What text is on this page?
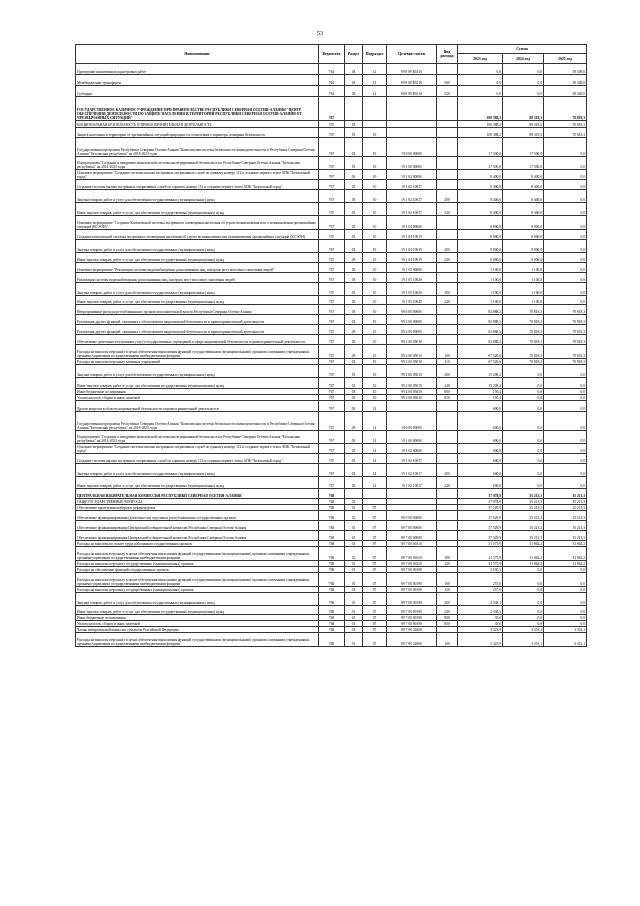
53
Наименование	Ведомство	Раздел	Подраздел	Целевая статья	Вид расхода	Сумма		
						2023 год	2024 год	2025 год
Проведение комплексных кадастровых работ	764	04	12	99 8 09 R5110		0,0	0,0	39 349,0
Межбюджетные трансферты	764	04	12	99 8 09 R5110	500	0,0	0,0	39 349,0
Субсидии	764	04	12	99 8 09 R5110	520	0,0	0,0	39 349,0
ГОСУДАРСТВЕННОЕ КАЗЕННОЕ УЧРЕЖДЕНИЕ ПРИ ПРАВИТЕЛЬСТВЕ РЕСПУБЛИКИ СЕВЕРНАЯ ОСЕТИЯ-АЛАНИЯ "ЦЕНТР ОБЕСПЕЧЕНИЯ ДЕЯТЕЛЬНОСТИ ПО ЗАЩИТЕ НАСЕЛЕНИЯ И ТЕРРИТОРИЙ РЕСПУБЛИКИ СЕВЕРНАЯ ОСЕТИЯ-АЛАНИЯ ОТ ЧРЕЗВЫЧАЙНЫХ СИТУАЦИЙ"	767					100 388,2	88 318,3	70 818,3
НАЦИОНАЛЬНАЯ БЕЗОПАСНОСТЬ И ПРАВООХРАНИТЕЛЬНАЯ ДЕЯТЕЛЬНОСТЬ	767	03				100 388,2	88 318,3	70 818,3
Защита населения и территории от чрезвычайных ситуаций природного и техногенного характера, пожарная безопасность	767	03	10			100 388,2	88 318,3	70 818,3
Государственная программа Республики Северная Осетия-Алания "Комплексная система безопасности жизнедеятельности в Республике Северная Осетия-Алания "Безопасная республика" на 2018-2023 годы	767	03	10	19 0 00 00000		17 500,0	17 500,0	0,0
Подпрограмма "Создание и внедрение комплексной системы интегрированной безопасности в Республике Северная Осетия-Алания "Безопасная республика" на 2014-2023 годы	767	03	10	19 1 00 00000		17 500,0	17 500,0	0,0
Основное мероприятие "Создание системы вызова экстренных оперативных служб по единому номеру 112 и создание первого этапа АПК "Безопасный город"	767	03	10	19 1 02 00000		8 400,0	8 400,0	0,0
Создание системы вызова экстренных оперативных служб по единому номеру 112 и создание первого этапа АПК "Безопасный город"	767	03	10	19 1 02 10017		8 400,0	8 400,0	0,0
Закупка товаров, работ и услуг для обеспечения государственных (муниципальных) нужд	767	03	10	19 1 02 10017	200	8 400,0	8 400,0	0,0
Иные закупки товаров, работ и услуг для обеспечения государственных (муниципальных) нужд	767	03	10	19 1 02 10017	240	8 400,0	8 400,0	0,0
Основное мероприятие "Создание Комплексной системы экстренного оповещения населения об угрозе возникновения или о возникновении чрезвычайных ситуаций (КСЭОН)"	767	03	10	19 1 04 00000		8 000,0	8 000,0	0,0
Создание комплексной системы экстренного оповещения населения об угрозе возникновения или возникновения чрезвычайных ситуаций (КСЭОН)	767	03	10	19 1 04 10019		8 000,0	8 000,0	0,0
Закупка товаров, работ и услуг для обеспечения государственных (муниципальных) нужд	767	03	10	19 1 04 10019	200	8 000,0	8 000,0	0,0
Иные закупки товаров, работ и услуг для обеспечения государственных (муниципальных) нужд	767	03	10	19 1 04 10019	240	8 000,0	8 000,0	0,0
Основное мероприятие "Реализация системы видеонаблюдения, распознавания лиц, контроль мест массового скопления людей"	767	03	10	19 1 05 00000		1 100,0	1 100,0	0,0
Реализация системы видеонаблюдения, распознавания лиц, контроль мест массового скопления людей	767	03	10	19 1 05 10020		1 100,0	1 100,0	0,0
Закупка товаров, работ и услуг для обеспечения государственных (муниципальных) нужд	767	03	10	19 1 05 10020	200	1 100,0	1 100,0	0,0
Иные закупки товаров, работ и услуг для обеспечения государственных (муниципальных) нужд	767	03	10	19 1 05 10020	240	1 100,0	1 100,0	0,0
Непрограммные расходы республиканских органов исполнительной власти Республики Северная Осетия-Алания	767	03	10	99 0 00 00000		82 888,2	70 818,3	70 818,3
Реализация других функций, связанных с обеспечением национальной безопасности и правоохранительной деятельности	767	03	10	99 2 00 00000		82 888,2	70 818,3	70 818,3
Реализация других функций, связанных с обеспечением национальной безопасности и правоохранительной деятельности	767	03	10	99 2 00 00000		82 888,2	70 818,3	70 818,3
Обеспечение деятельности (оказание услуг) государственных учреждений в сфере национальной безопасности и правоохранительной деятельности	767	03	10	99 2 00 05010		82 888,2	70 818,3	70 818,3
Расходы на выплаты персоналу в целях обеспечения выполнения функций государственными (муниципальными) органами, казенными учреждениями, органами управления государственными внебюджетными фондами	767	03	10	99 2 00 05010	100	67 520,6	70 818,3	70 818,3
Расходы на выплаты персоналу казенных учреждений	767	03	10	99 2 00 05010	110	67 520,6	70 818,3	70 818,3
Закупка товаров, работ и услуг для обеспечения государственных (муниципальных) нужд	767	03	10	99 2 00 05010	200	15 208,2	0,0	0,0
Иные закупки товаров, работ и услуг для обеспечения государственных (муниципальных) нужд	767	03	10	99 2 00 05010	240	15 208,2	0,0	0,0
Иные бюджетные ассигнования	767	03	10	99 2 00 05010	800	159,4	0,0	0,0
Уплата налогов, сборов и иных платежей	767	03	10	99 2 00 05010	850	159,4	0,0	0,0
Другие вопросы в области национальной безопасности и правоохранительной деятельности	767	03	14			600,0	0,0	0,0
Государственная программа Республики Северная Осетия-Алания "Комплексная система безопасности жизнедеятельности в Республике Северная Осетия-Алания "Безопасная республика" на 2018-2023 годы	767	03	14	19 0 00 00000		600,0	0,0	0,0
Подпрограмма "Создание и внедрение комплексной системы интегрированной безопасности в Республике Северная Осетия-Алания "Безопасная республика" на 2014-2023 годы	767	03	14	19 1 00 00000		600,0	0,0	0,0
Основное мероприятие "Создание системы вызова экстренных оперативных служб по единому номеру 112 и создание первого этапа АПК "Безопасный город"	767	03	14	19 1 02 00000		600,0	0,0	0,0
Создание системы вызова экстренных оперативных служб по единому номеру 112 и создание первого этапа АПК "Безопасный город"	767	03	14	19 1 02 10017		600,0	0,0	0,0
Закупка товаров, работ и услуг для обеспечения государственных (муниципальных) нужд	767	03	14	19 1 02 10017	200	600,0	0,0	0,0
Иные закупки товаров, работ и услуг для обеспечения государственных (муниципальных) нужд	767	03	14	19 1 02 10017	240	600,0	0,0	0,0
ЦЕНТРАЛЬНАЯ ИЗБИРАТЕЛЬНАЯ КОМИССИЯ РЕСПУБЛИКИ СЕВЕРНАЯ ОСЕТИЯ-АЛАНИЯ	768					37 978,8	35 213,3	35 213,3
ОБЩЕГОСУДАРСТВЕННЫЕ ВОПРОСЫ	768	01				37 978,8	35 213,3	35 213,3
Обеспечение проведения выборов и референдумов	768	01	07			37 529,9	35 213,3	35 213,3
Обеспечение функционирования (деятельности) отдельных республиканских государственных органов	768	01	07	89 0 00 00000		37 529,9	35 213,3	35 213,3
Обеспечение функционирования Центральной избирательной комиссии Республики Северная Осетия-Алания	768	01	07	89 7 00 00000		37 529,9	35 213,3	35 213,3
Обеспечение функционирования Центральной избирательной комиссии Республики Северная Осетия-Алания	768	01	07	89 7 00 00000		37 529,9	35 213,3	35 213,3
Расходы на выплаты по оплате труда работников государственных органов	768	01	07	89 7 00 00110		31 575,9	31 862,2	31 862,2
Расходы на выплаты персоналу в целях обеспечения выполнения функций государственными (муниципальными) органами, казенными учреждениями, органами управления государственными внебюджетными фондами	768	01	07	89 7 00 00110	100	31 575,9	31 862,2	31 862,2
Расходы на выплаты персоналу государственных (муниципальных) органов	768	01	07	89 7 00 00110	120	31 575,9	31 862,2	31 862,2
Расходы на обеспечение функций государственных органов	768	01	07	89 7 00 00190		2 630,1	0,0	0,0
Расходы на выплаты персоналу в целях обеспечения выполнения функций государственными (муниципальными) органами, казенными учреждениями, органами управления государственными внебюджетными фондами	768	01	07	89 7 00 00190	100	257,0	0,0	0,0
Расходы на выплаты персоналу государственных (муниципальных) органов	768	01	07	89 7 00 00190	120	257,0	0,0	0,0
Закупка товаров, работ и услуг для обеспечения государственных (муниципальных) нужд	768	01	07	89 7 00 00190	200	2 338,1	0,0	0,0
Иные закупки товаров, работ и услуг для обеспечения государственных (муниципальных) нужд	768	01	07	89 7 00 00190	240	2 338,1	0,0	0,0
Иные бюджетные ассигнования	768	01	07	89 7 00 00190	800	35,0	0,0	0,0
Уплата налогов, сборов и иных платежей	768	01	07	89 7 00 00190	850	35,0	0,0	0,0
Члены избирательной комиссии субъектов Российской Федерации	768	01	07	89 7 00 22600		3 323,9	3 351,1	3 351,1
Расходы на выплаты персоналу в целях обеспечения выполнения функций государственными (муниципальными) органами, казенными учреждениями, органами управления государственными внебюджетными фондами	768	01	07	89 7 00 22600	100	3 323,9	3 351,1	3 351,1
